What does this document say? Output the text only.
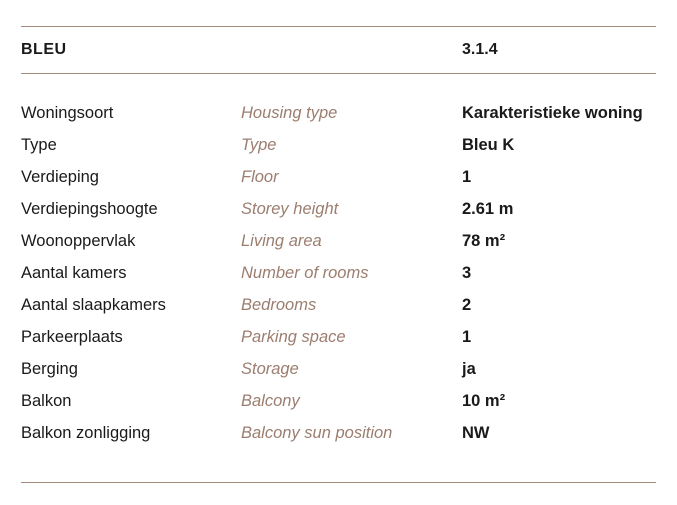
BLEU	3.1.4
Woningsoort	Housing type	Karakteristieke woning
Type	Type	Bleu K
Verdieping	Floor	1
Verdiepingshoogte	Storey height	2.61 m
Woonoppervlak	Living area	78 m²
Aantal kamers	Number of rooms	3
Aantal slaapkamers	Bedrooms	2
Parkeerplaats	Parking space	1
Berging	Storage	ja
Balkon	Balcony	10 m²
Balkon zonligging	Balcony sun position	NW
